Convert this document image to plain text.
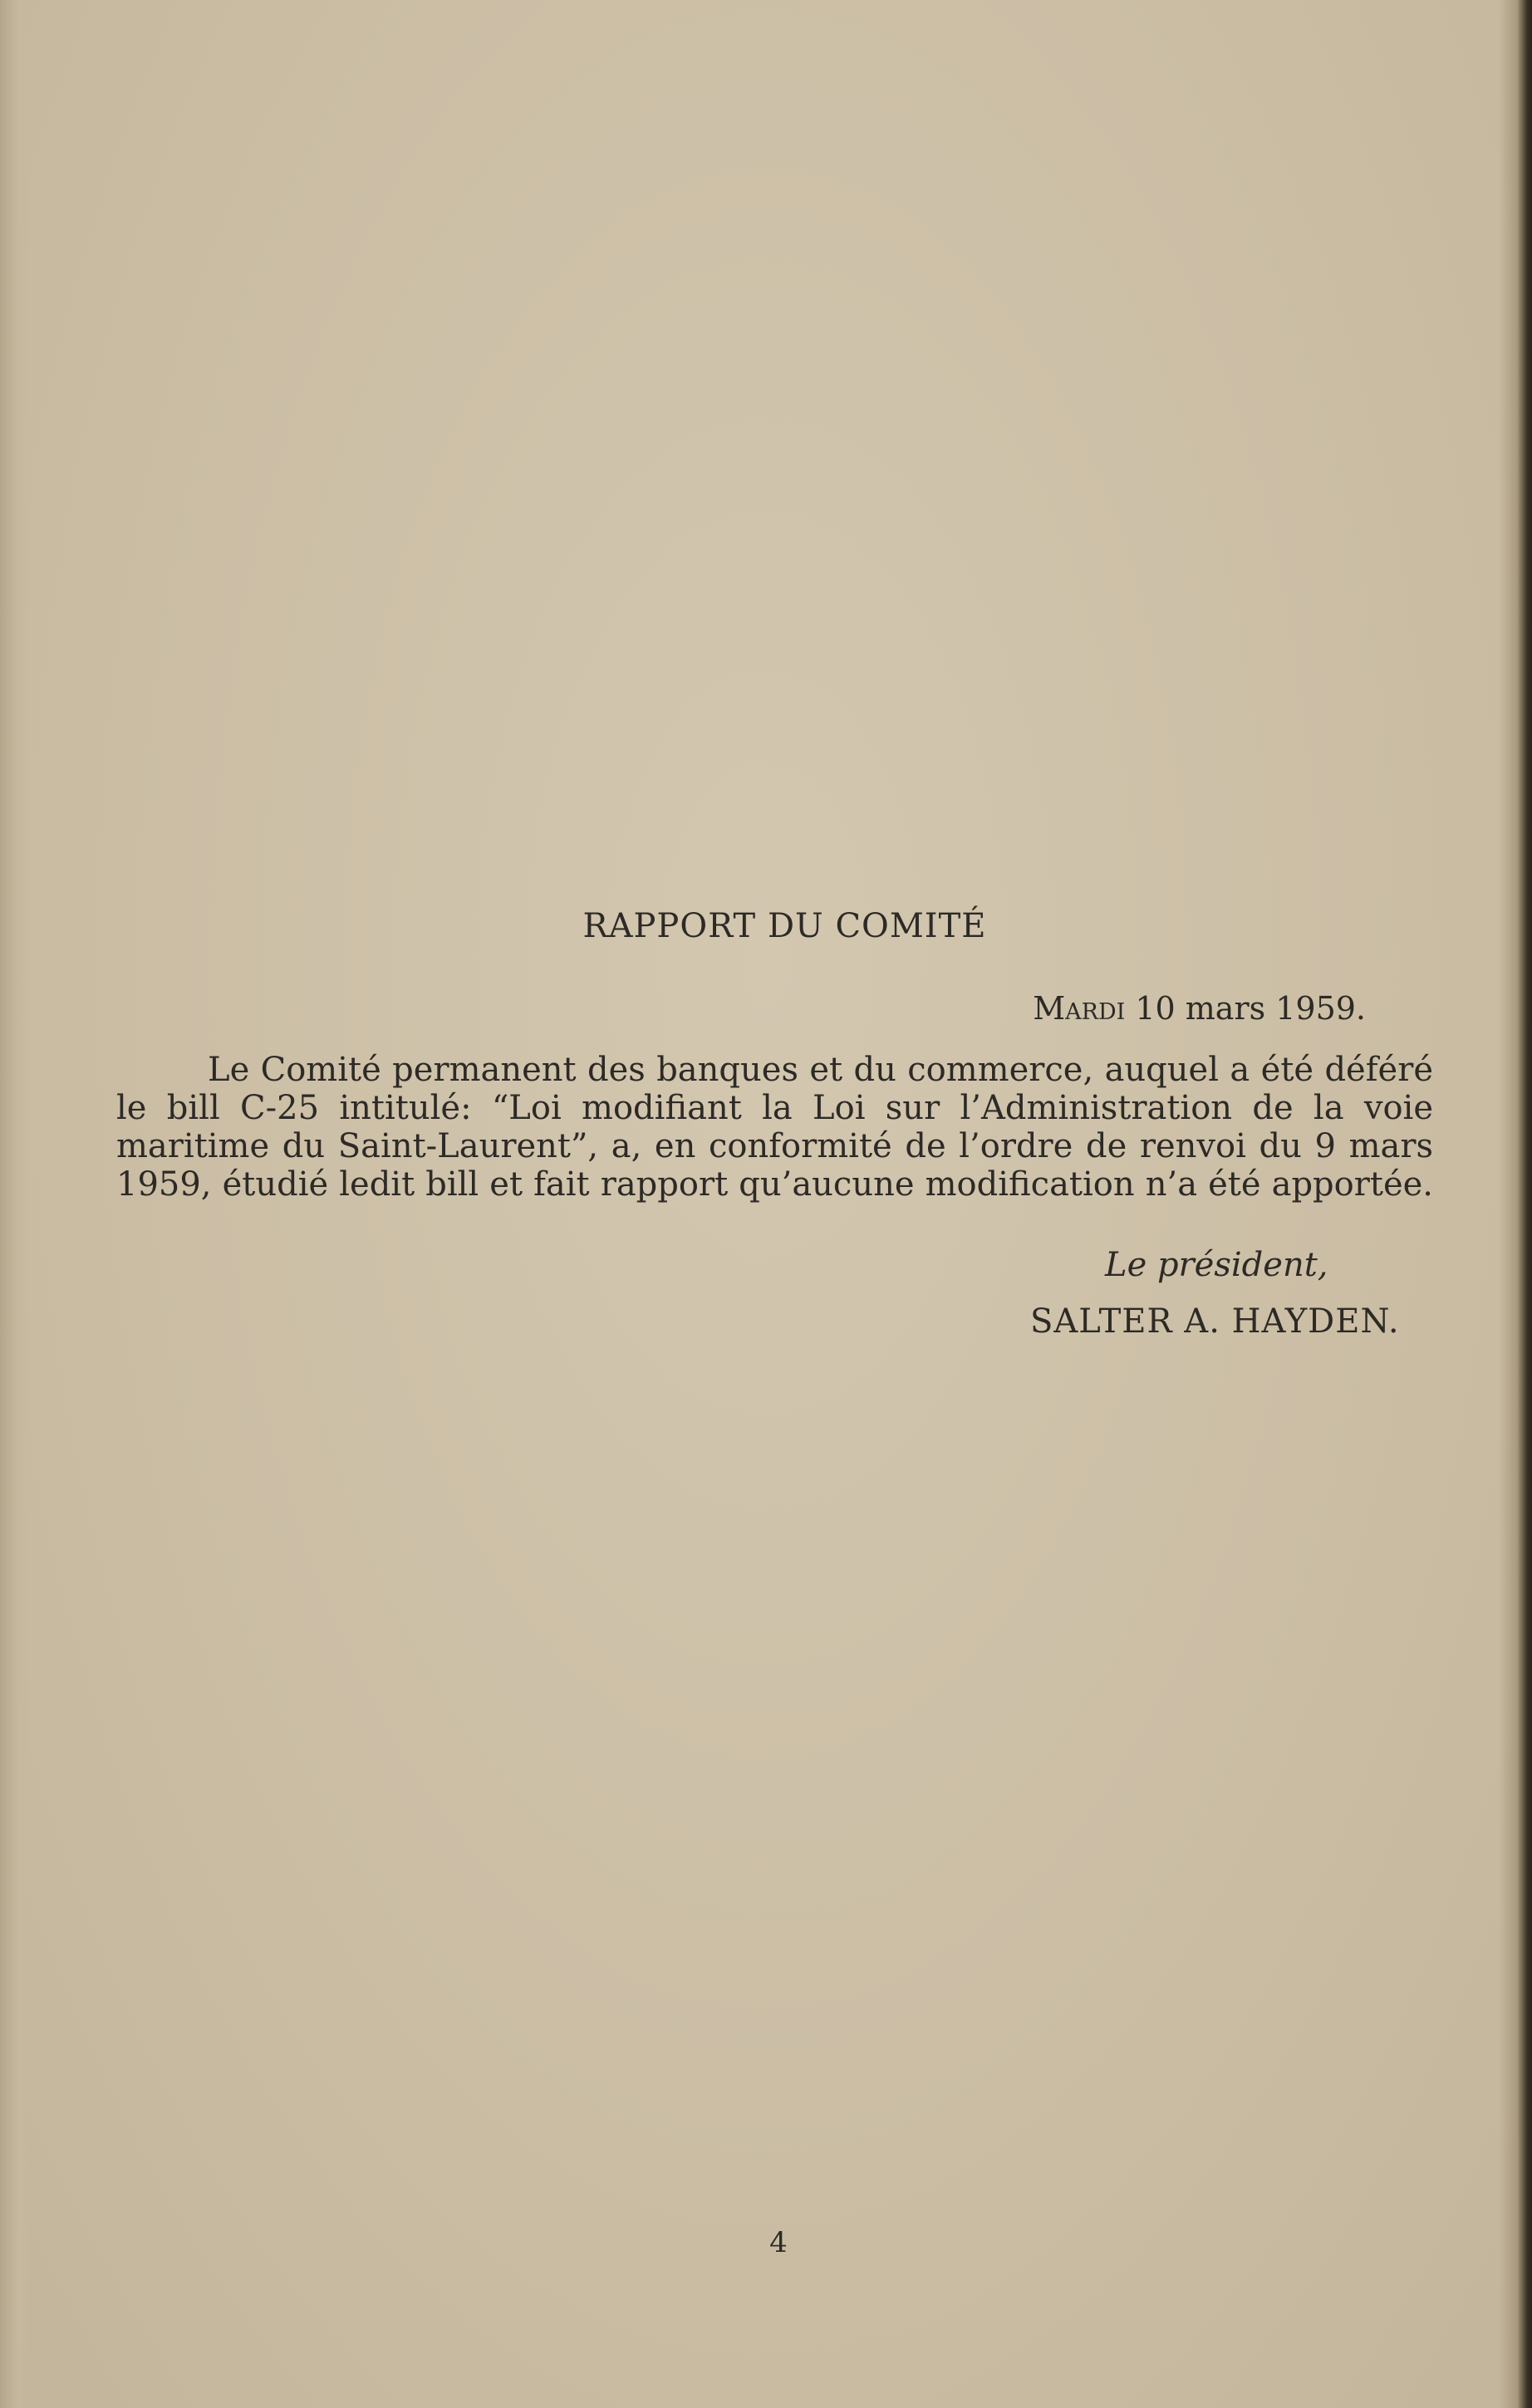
RAPPORT DU COMITÉ
Mardi 10 mars 1959.
Le Comité permanent des banques et du commerce, auquel a été déféré
le bill C-25 intitulé: “Loi modifiant la Loi sur l’Administration de la voie
maritime du Saint-Laurent”, a, en conformité de l’ordre de renvoi du 9 mars
1959, étudié ledit bill et fait rapport qu’aucune modification n’a été apportée.
Le président,
SALTER A. HAYDEN.
4
